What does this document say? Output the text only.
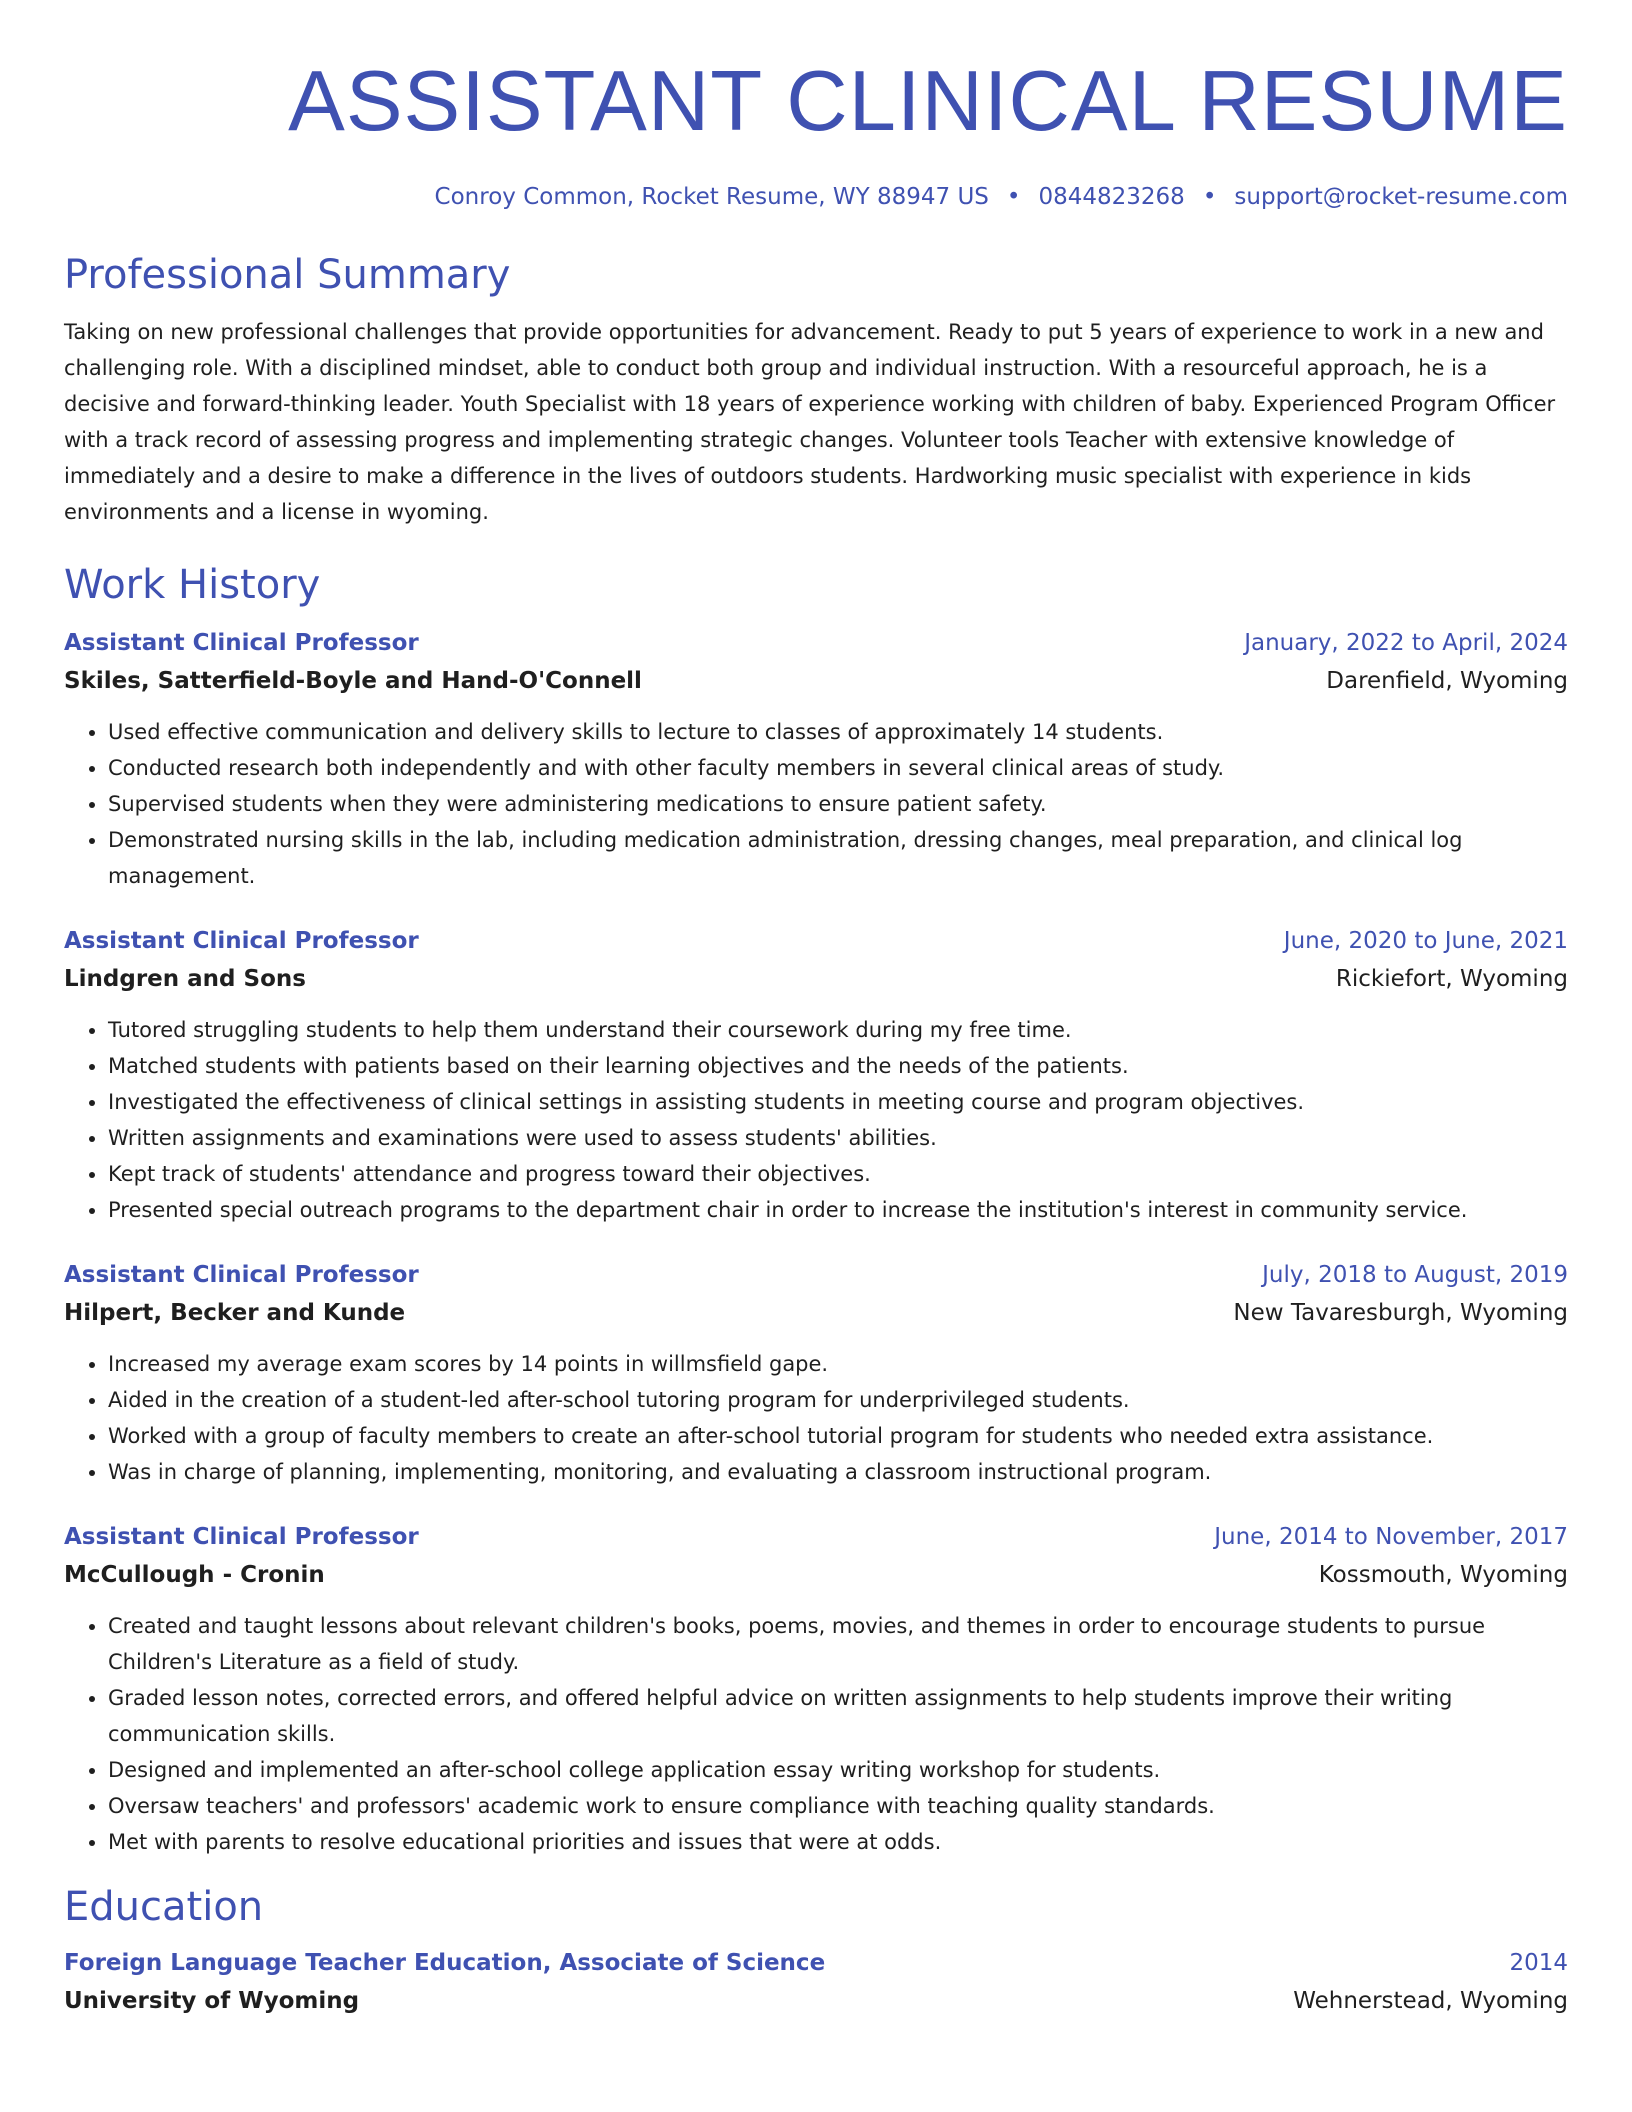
ASSISTANT CLINICAL RESUME
Conroy Common, Rocket Resume, WY 88947 US • 0844823268 • support@rocket-resume.com
Professional Summary
Taking on new professional challenges that provide opportunities for advancement. Ready to put 5 years of experience to work in a new and challenging role. With a disciplined mindset, able to conduct both group and individual instruction. With a resourceful approach, he is a decisive and forward-thinking leader. Youth Specialist with 18 years of experience working with children of baby. Experienced Program Officer with a track record of assessing progress and implementing strategic changes. Volunteer tools Teacher with extensive knowledge of immediately and a desire to make a difference in the lives of outdoors students. Hardworking music specialist with experience in kids environments and a license in wyoming.
Work History
Assistant Clinical Professor	January, 2022 to April, 2024
Skiles, Satterfield-Boyle and Hand-O'Connell	Darenfield, Wyoming
• Used effective communication and delivery skills to lecture to classes of approximately 14 students.
• Conducted research both independently and with other faculty members in several clinical areas of study.
• Supervised students when they were administering medications to ensure patient safety.
• Demonstrated nursing skills in the lab, including medication administration, dressing changes, meal preparation, and clinical log management.
Assistant Clinical Professor	June, 2020 to June, 2021
Lindgren and Sons	Rickiefort, Wyoming
• Tutored struggling students to help them understand their coursework during my free time.
• Matched students with patients based on their learning objectives and the needs of the patients.
• Investigated the effectiveness of clinical settings in assisting students in meeting course and program objectives.
• Written assignments and examinations were used to assess students' abilities.
• Kept track of students' attendance and progress toward their objectives.
• Presented special outreach programs to the department chair in order to increase the institution's interest in community service.
Assistant Clinical Professor	July, 2018 to August, 2019
Hilpert, Becker and Kunde	New Tavaresburgh, Wyoming
• Increased my average exam scores by 14 points in willmsfield gape.
• Aided in the creation of a student-led after-school tutoring program for underprivileged students.
• Worked with a group of faculty members to create an after-school tutorial program for students who needed extra assistance.
• Was in charge of planning, implementing, monitoring, and evaluating a classroom instructional program.
Assistant Clinical Professor	June, 2014 to November, 2017
McCullough - Cronin	Kossmouth, Wyoming
• Created and taught lessons about relevant children's books, poems, movies, and themes in order to encourage students to pursue Children's Literature as a field of study.
• Graded lesson notes, corrected errors, and offered helpful advice on written assignments to help students improve their writing communication skills.
• Designed and implemented an after-school college application essay writing workshop for students.
• Oversaw teachers' and professors' academic work to ensure compliance with teaching quality standards.
• Met with parents to resolve educational priorities and issues that were at odds.
Education
Foreign Language Teacher Education, Associate of Science	2014
University of Wyoming	Wehnerstead, Wyoming
